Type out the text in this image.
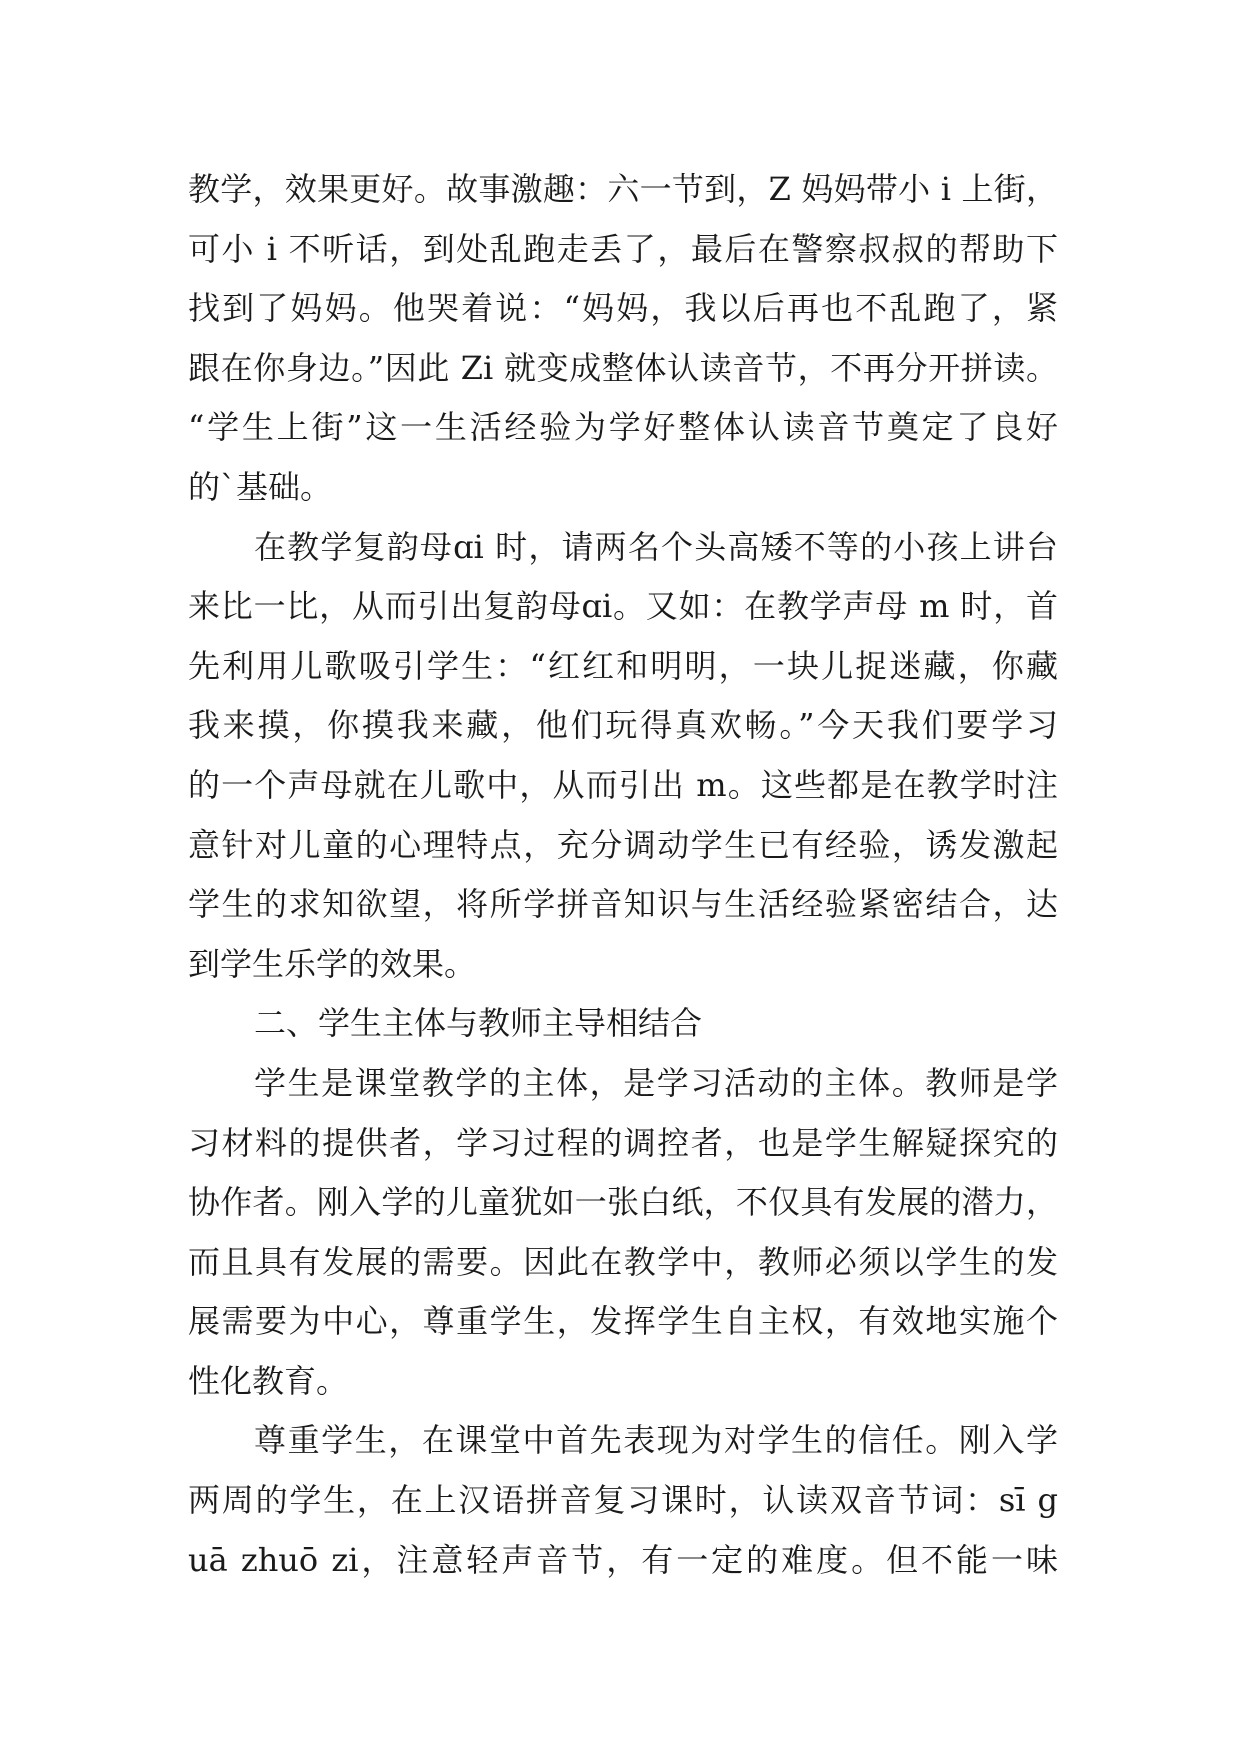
教学，效果更好。故事激趣：六一节到，Z 妈妈带小 i 上街，
可小 i 不听话，到处乱跑走丢了，最后在警察叔叔的帮助下
找到了妈妈。他哭着说：“妈妈，我以后再也不乱跑了，紧
跟在你身边。”因此 Zi 就变成整体认读音节，不再分开拼读。
“学生上街”这一生活经验为学好整体认读音节奠定了良好
的`基础。
在教学复韵母ɑi 时，请两名个头高矮不等的小孩上讲台
来比一比，从而引出复韵母ɑi。又如：在教学声母 m 时，首
先利用儿歌吸引学生：“红红和明明，一块儿捉迷藏，你藏
我来摸，你摸我来藏，他们玩得真欢畅。”今天我们要学习
的一个声母就在儿歌中，从而引出 m。这些都是在教学时注
意针对儿童的心理特点，充分调动学生已有经验，诱发激起
学生的求知欲望，将所学拼音知识与生活经验紧密结合，达
到学生乐学的效果。
二、学生主体与教师主导相结合
学生是课堂教学的主体，是学习活动的主体。教师是学
习材料的提供者，学习过程的调控者，也是学生解疑探究的
协作者。刚入学的儿童犹如一张白纸，不仅具有发展的潜力，
而且具有发展的需要。因此在教学中，教师必须以学生的发
展需要为中心，尊重学生，发挥学生自主权，有效地实施个
性化教育。
尊重学生，在课堂中首先表现为对学生的信任。刚入学
两周的学生，在上汉语拼音复习课时，认读双音节词：sī g
uā zhuō zi，注意轻声音节，有一定的难度。但不能一味
